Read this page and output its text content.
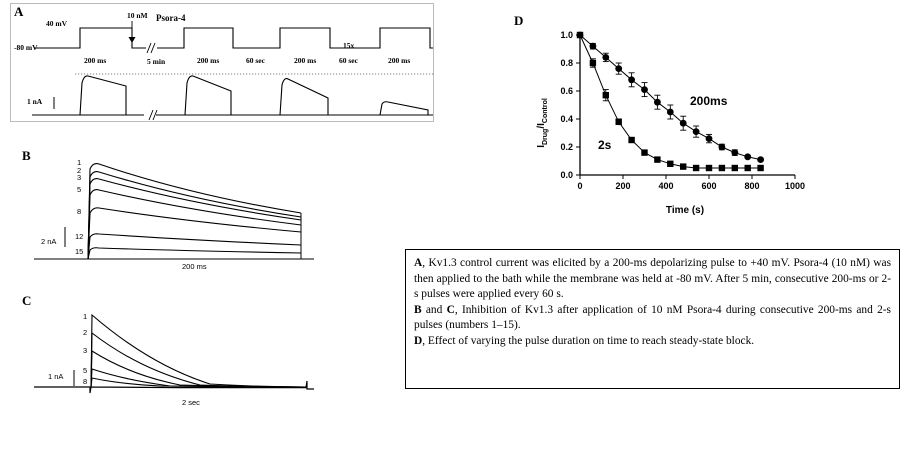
A
40 mV
-80 mV
10 nM Psora-4
200 ms	5 min	200 ms	60 sec	200 ms
15x
60 sec	200 ms
1 nA
B	1
2
3
5
8
12
15
2 nA
200 ms
C
1
2
3
5
8
1 nA
2 sec
D
0	200	400	600	800	1000
0.0
0.2
0.4
0.6
0.8
1.0
200ms
2s
Time (s)
$I_{Drug}/I_{Control}$

A, Kv1.3 control current was elicited by a 200-ms depolarizing pulse to +40 mV. Psora-4 (10 nM) was then applied to the bath while the membrane was held at -80 mV. After 5 min, consecutive 200-ms or 2-s pulses were applied every 60 s.

B and C, Inhibition of Kv1.3 after application of 10 nM Psora-4 during consecutive 200-ms and 2-s pulses (numbers 1–15).

D, Effect of varying the pulse duration on time to reach steady-state block.
